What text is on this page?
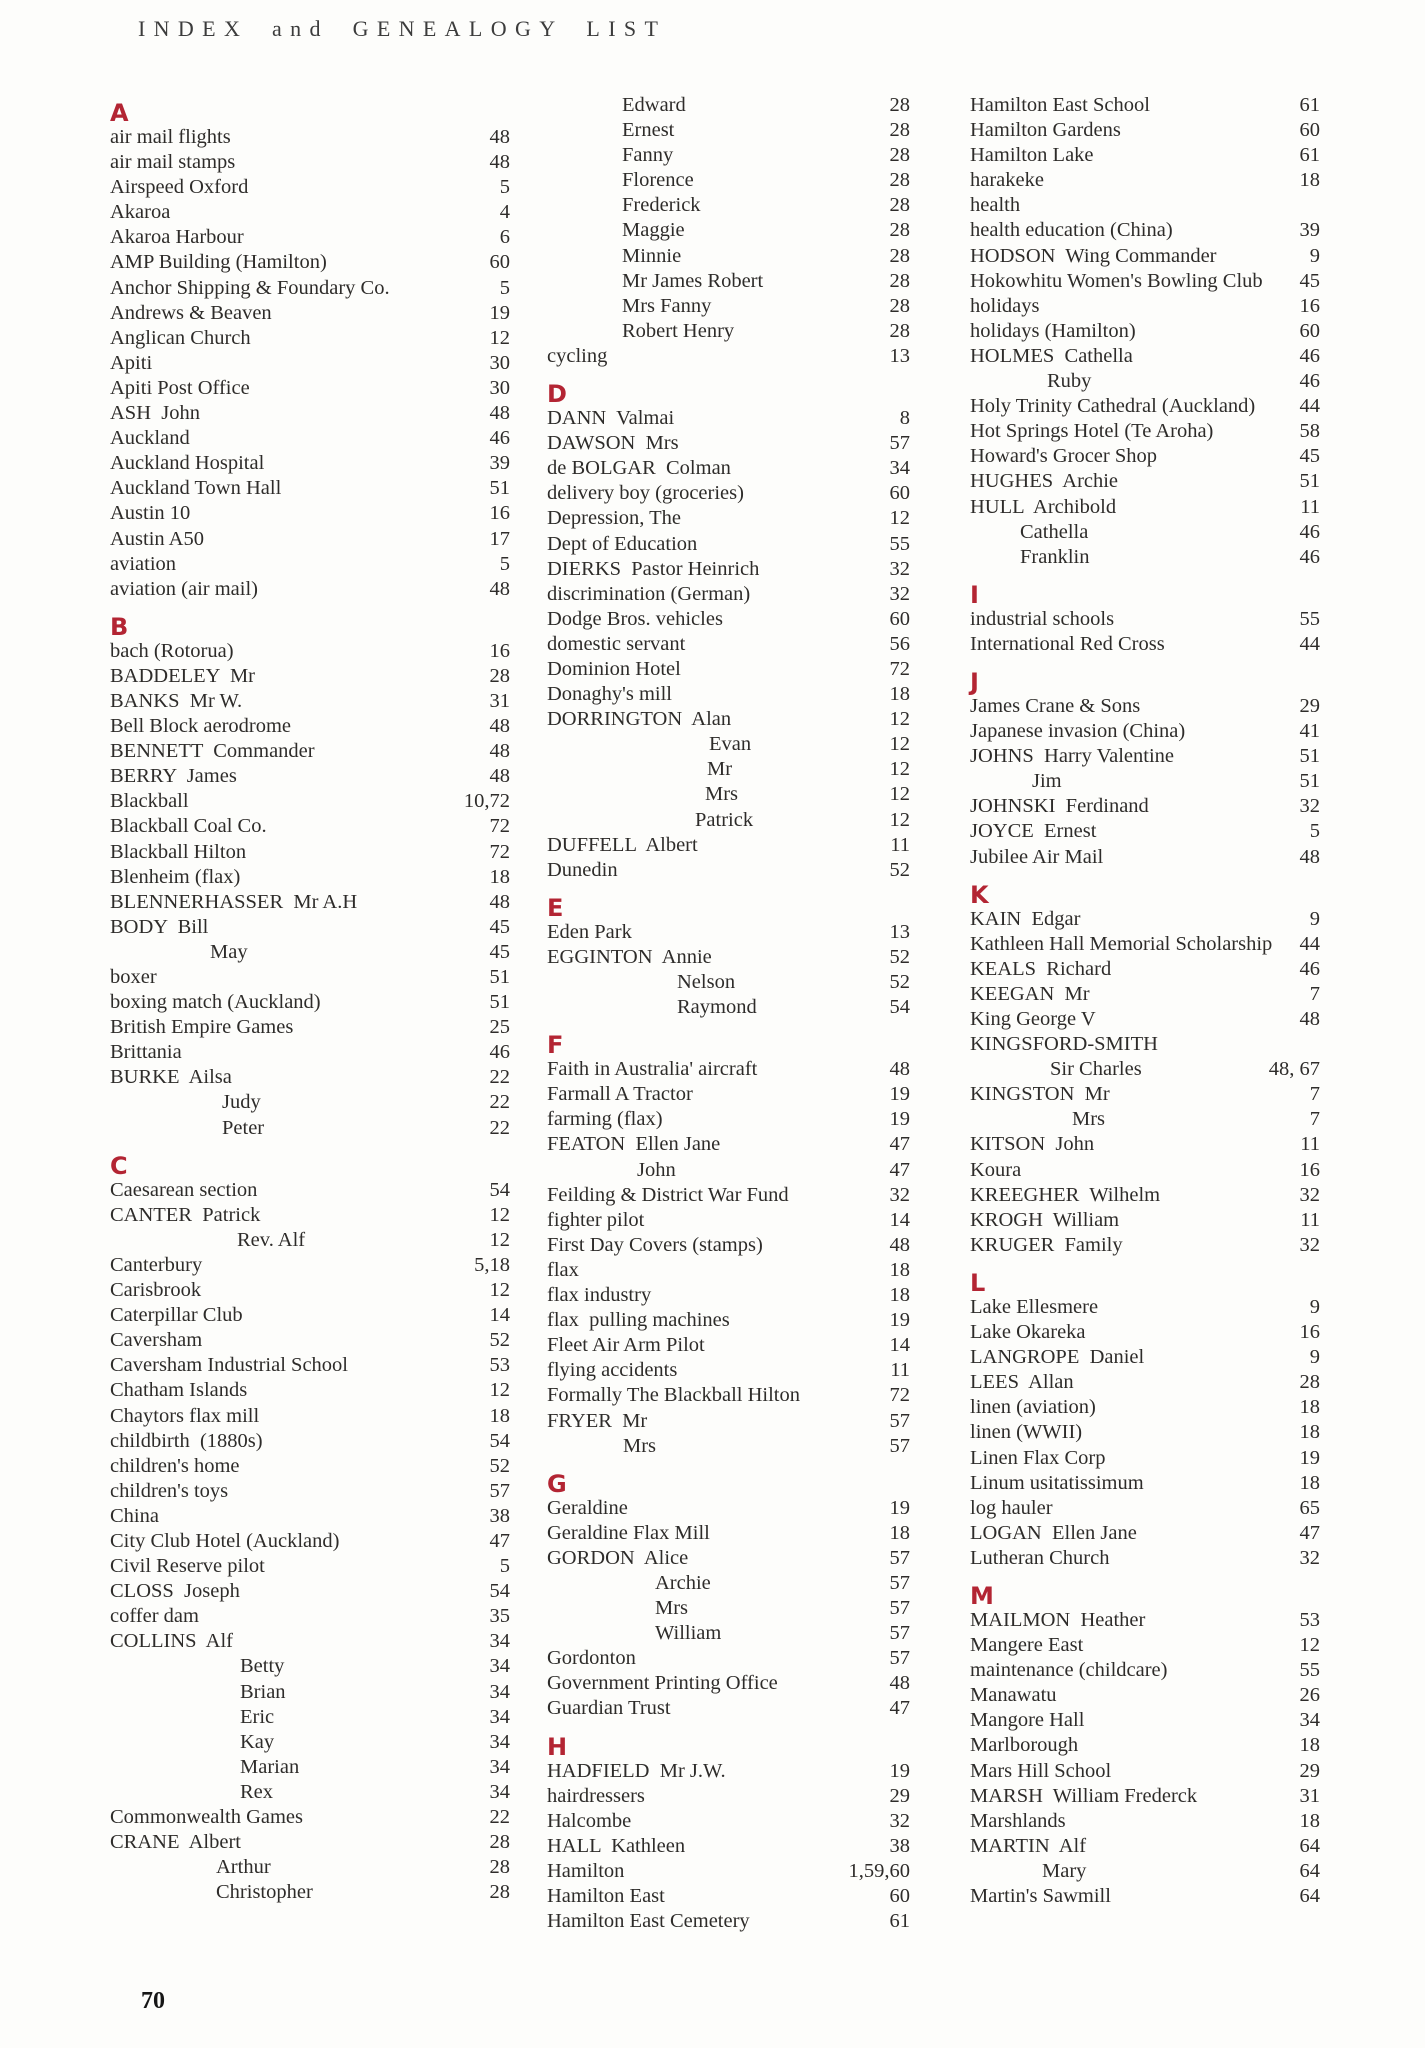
INDEX and GENEALOGY LIST
A
air mail flights	48
air mail stamps	48
Airspeed Oxford	5
Akaroa	4
Akaroa Harbour	6
AMP Building (Hamilton)	60
Anchor Shipping & Foundary Co.	5
Andrews & Beaven	19
Anglican Church	12
Apiti	30
Apiti Post Office	30
ASH  John	48
Auckland	46
Auckland Hospital	39
Auckland Town Hall	51
Austin 10	16
Austin A50	17
aviation	5
aviation (air mail)	48
B
bach (Rotorua)	16
BADDELEY  Mr	28
BANKS  Mr W.	31
Bell Block aerodrome	48
BENNETT  Commander	48
BERRY  James	48
Blackball	10,72
Blackball Coal Co.	72
Blackball Hilton	72
Blenheim (flax)	18
BLENNERHASSER  Mr A.H	48
BODY  Bill	45
May	45
boxer	51
boxing match (Auckland)	51
British Empire Games	25
Brittania	46
BURKE  Ailsa	22
Judy	22
Peter	22
C
Caesarean section	54
CANTER  Patrick	12
Rev. Alf	12
Canterbury	5,18
Carisbrook	12
Caterpillar Club	14
Caversham	52
Caversham Industrial School	53
Chatham Islands	12
Chaytors flax mill	18
childbirth  (1880s)	54
children's home	52
children's toys	57
China	38
City Club Hotel (Auckland)	47
Civil Reserve pilot	5
CLOSS  Joseph	54
coffer dam	35
COLLINS  Alf	34
Betty	34
Brian	34
Eric	34
Kay	34
Marian	34
Rex	34
Commonwealth Games	22
CRANE  Albert	28
Arthur	28
Christopher	28
Edward	28
Ernest	28
Fanny	28
Florence	28
Frederick	28
Maggie	28
Minnie	28
Mr James Robert	28
Mrs Fanny	28
Robert Henry	28
cycling	13
D
DANN  Valmai	8
DAWSON  Mrs	57
de BOLGAR  Colman	34
delivery boy (groceries)	60
Depression, The	12
Dept of Education	55
DIERKS  Pastor Heinrich	32
discrimination (German)	32
Dodge Bros. vehicles	60
domestic servant	56
Dominion Hotel	72
Donaghy's mill	18
DORRINGTON  Alan	12
Evan	12
Mr	12
Mrs	12
Patrick	12
DUFFELL  Albert	11
Dunedin	52
E
Eden Park	13
EGGINTON  Annie	52
Nelson	52
Raymond	54
F
Faith in Australia' aircraft	48
Farmall A Tractor	19
farming (flax)	19
FEATON  Ellen Jane	47
John	47
Feilding & District War Fund	32
fighter pilot	14
First Day Covers (stamps)	48
flax	18
flax industry	18
flax  pulling machines	19
Fleet Air Arm Pilot	14
flying accidents	11
Formally The Blackball Hilton	72
FRYER  Mr	57
Mrs	57
G
Geraldine	19
Geraldine Flax Mill	18
GORDON  Alice	57
Archie	57
Mrs	57
William	57
Gordonton	57
Government Printing Office	48
Guardian Trust	47
H
HADFIELD  Mr J.W.	19
hairdressers	29
Halcombe	32
HALL  Kathleen	38
Hamilton	1,59,60
Hamilton East	60
Hamilton East Cemetery	61
Hamilton East School	61
Hamilton Gardens	60
Hamilton Lake	61
harakeke	18
health
health education (China)	39
HODSON  Wing Commander	9
Hokowhitu Women's Bowling Club	45
holidays	16
holidays (Hamilton)	60
HOLMES  Cathella	46
Ruby	46
Holy Trinity Cathedral (Auckland)	44
Hot Springs Hotel (Te Aroha)	58
Howard's Grocer Shop	45
HUGHES  Archie	51
HULL  Archibold	11
Cathella	46
Franklin	46
I
industrial schools	55
International Red Cross	44
J
James Crane & Sons	29
Japanese invasion (China)	41
JOHNS  Harry Valentine	51
Jim	51
JOHNSKI  Ferdinand	32
JOYCE  Ernest	5
Jubilee Air Mail	48
K
KAIN  Edgar	9
Kathleen Hall Memorial Scholarship	44
KEALS  Richard	46
KEEGAN  Mr	7
King George V	48
KINGSFORD-SMITH
Sir Charles	48, 67
KINGSTON  Mr	7
Mrs	7
KITSON  John	11
Koura	16
KREEGHER  Wilhelm	32
KROGH  William	11
KRUGER  Family	32
L
Lake Ellesmere	9
Lake Okareka	16
LANGROPE  Daniel	9
LEES  Allan	28
linen (aviation)	18
linen (WWII)	18
Linen Flax Corp	19
Linum usitatissimum	18
log hauler	65
LOGAN  Ellen Jane	47
Lutheran Church	32
M
MAILMON  Heather	53
Mangere East	12
maintenance (childcare)	55
Manawatu	26
Mangore Hall	34
Marlborough	18
Mars Hill School	29
MARSH  William Frederck	31
Marshlands	18
MARTIN  Alf	64
Mary	64
Martin's Sawmill	64
70
